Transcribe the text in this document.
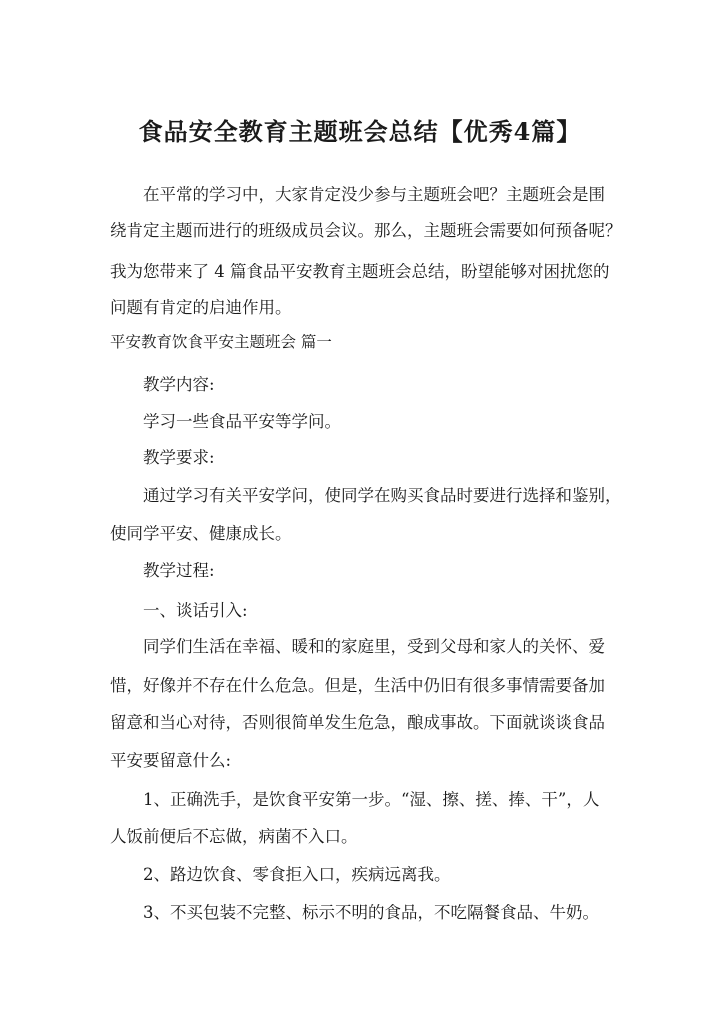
食品安全教育主题班会总结【优秀4篇】
在平常的学习中，大家肯定没少参与主题班会吧？主题班会是围
绕肯定主题而进行的班级成员会议。那么，主题班会需要如何预备呢？
我为您带来了 4 篇食品平安教育主题班会总结，盼望能够对困扰您的
问题有肯定的启迪作用。
平安教育饮食平安主题班会 篇一
教学内容:
学习一些食品平安等学问。
教学要求:
通过学习有关平安学问，使同学在购买食品时要进行选择和鉴别，
使同学平安、健康成长。
教学过程:
一、谈话引入:
同学们生活在幸福、暖和的家庭里，受到父母和家人的关怀、爱
惜，好像并不存在什么危急。但是，生活中仍旧有很多事情需要备加
留意和当心对待，否则很简单发生危急，酿成事故。下面就谈谈食品
平安要留意什么:
1、正确洗手，是饮食平安第一步。“湿、擦、搓、捧、干”，人
人饭前便后不忘做，病菌不入口。
2、路边饮食、零食拒入口，疾病远离我。
3、不买包装不完整、标示不明的食品，不吃隔餐食品、牛奶。
